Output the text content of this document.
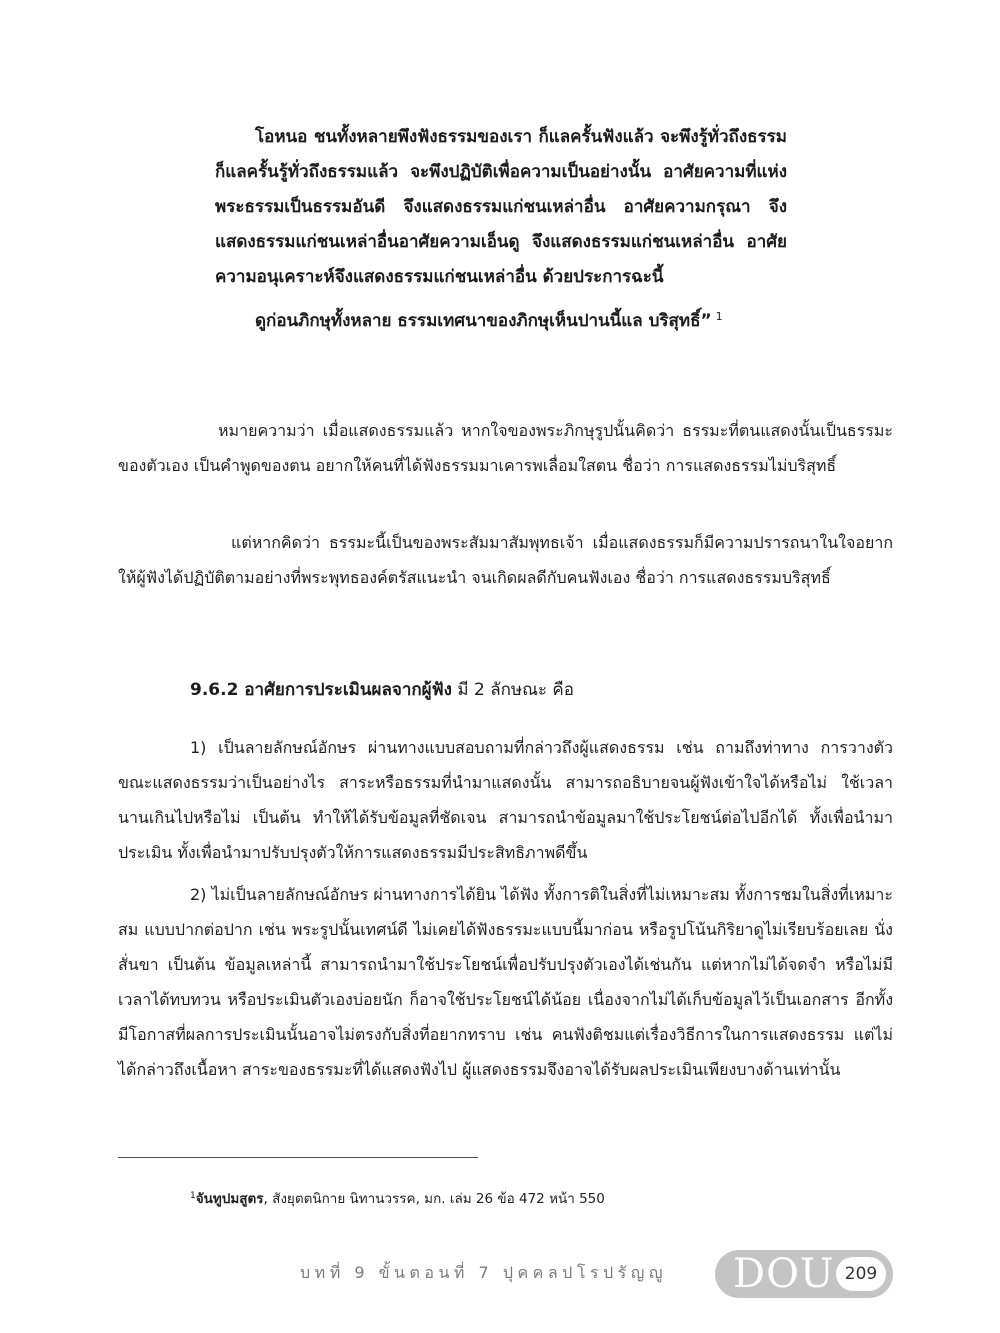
โอหนอ ชนทั้งหลายพึงฟังธรรมของเรา ก็แลครั้นฟังแล้ว จะพึงรู้ทั่วถึงธรรม ก็แลครั้นรู้ทั่วถึงธรรมแล้ว จะพึงปฏิบัติเพื่อความเป็นอย่างนั้น อาศัยความที่แห่งพระธรรมเป็นธรรมอันดี จึงแสดงธรรมแก่ชนเหล่าอื่น อาศัยความกรุณา จึงแสดงธรรมแก่ชนเหล่าอื่นอาศัยความเอ็นดู จึงแสดงธรรมแก่ชนเหล่าอื่น อาศัยความอนุเคราะห์จึงแสดงธรรมแก่ชนเหล่าอื่น ด้วยประการฉะนี้

ดูก่อนภิกษุทั้งหลาย ธรรมเทศนาของภิกษุเห็นปานนี้แล บริสุทธิ์” $^1$

หมายความว่า เมื่อแสดงธรรมแล้ว หากใจของพระภิกษุรูปนั้นคิดว่า ธรรมะที่ตนแสดงนั้นเป็นธรรมะของตัวเอง เป็นคำพูดของตน อยากให้คนที่ได้ฟังธรรมมาเคารพเลื่อมใสตน ชื่อว่า การแสดงธรรมไม่บริสุทธิ์

แต่หากคิดว่า ธรรมะนี้เป็นของพระสัมมาสัมพุทธเจ้า เมื่อแสดงธรรมก็มีความปรารถนาในใจอยากให้ผู้ฟังได้ปฏิบัติตามอย่างที่พระพุทธองค์ตรัสแนะนำ จนเกิดผลดีกับคนฟังเอง ชื่อว่า การแสดงธรรมบริสุทธิ์

9.6.2 อาศัยการประเมินผลจากผู้ฟัง มี 2 ลักษณะ คือ

1) เป็นลายลักษณ์อักษร ผ่านทางแบบสอบถามที่กล่าวถึงผู้แสดงธรรม เช่น ถามถึงท่าทาง การวางตัวขณะแสดงธรรมว่าเป็นอย่างไร สาระหรือธรรมที่นำมาแสดงนั้น สามารถอธิบายจนผู้ฟังเข้าใจได้หรือไม่ ใช้เวลานานเกินไปหรือไม่ เป็นต้น ทำให้ได้รับข้อมูลที่ชัดเจน สามารถนำข้อมูลมาใช้ประโยชน์ต่อไปอีกได้ ทั้งเพื่อนำมาประเมิน ทั้งเพื่อนำมาปรับปรุงตัวให้การแสดงธรรมมีประสิทธิภาพดีขึ้น

2) ไม่เป็นลายลักษณ์อักษร ผ่านทางการได้ยิน ได้ฟัง ทั้งการติในสิ่งที่ไม่เหมาะสม ทั้งการชมในสิ่งที่เหมาะสม แบบปากต่อปาก เช่น พระรูปนั้นเทศน์ดี ไม่เคยได้ฟังธรรมะแบบนี้มาก่อน หรือรูปโน้นกิริยาดูไม่เรียบร้อยเลย นั่งสั่นขา เป็นต้น ข้อมูลเหล่านี้ สามารถนำมาใช้ประโยชน์เพื่อปรับปรุงตัวเองได้เช่นกัน แต่หากไม่ได้จดจำ หรือไม่มีเวลาได้ทบทวน หรือประเมินตัวเองบ่อยนัก ก็อาจใช้ประโยชน์ได้น้อย เนื่องจากไม่ได้เก็บข้อมูลไว้เป็นเอกสาร อีกทั้งมีโอกาสที่ผลการประเมินนั้นอาจไม่ตรงกับสิ่งที่อยากทราบ เช่น คนฟังติชมแต่เรื่องวิธีการในการแสดงธรรม แต่ไม่ได้กล่าวถึงเนื้อหา สาระของธรรมะที่ได้แสดงฟังไป ผู้แสดงธรรมจึงอาจได้รับผลประเมินเพียงบางด้านเท่านั้น

$^1$จันทูปมสูตร, สังยุตตนิกาย นิทานวรรค, มก. เล่ม 26 ข้อ 472 หน้า 550
บทที่ 9 ขั้นตอนที่ 7 ปุคคลปโรปรัญญู DOU 209
